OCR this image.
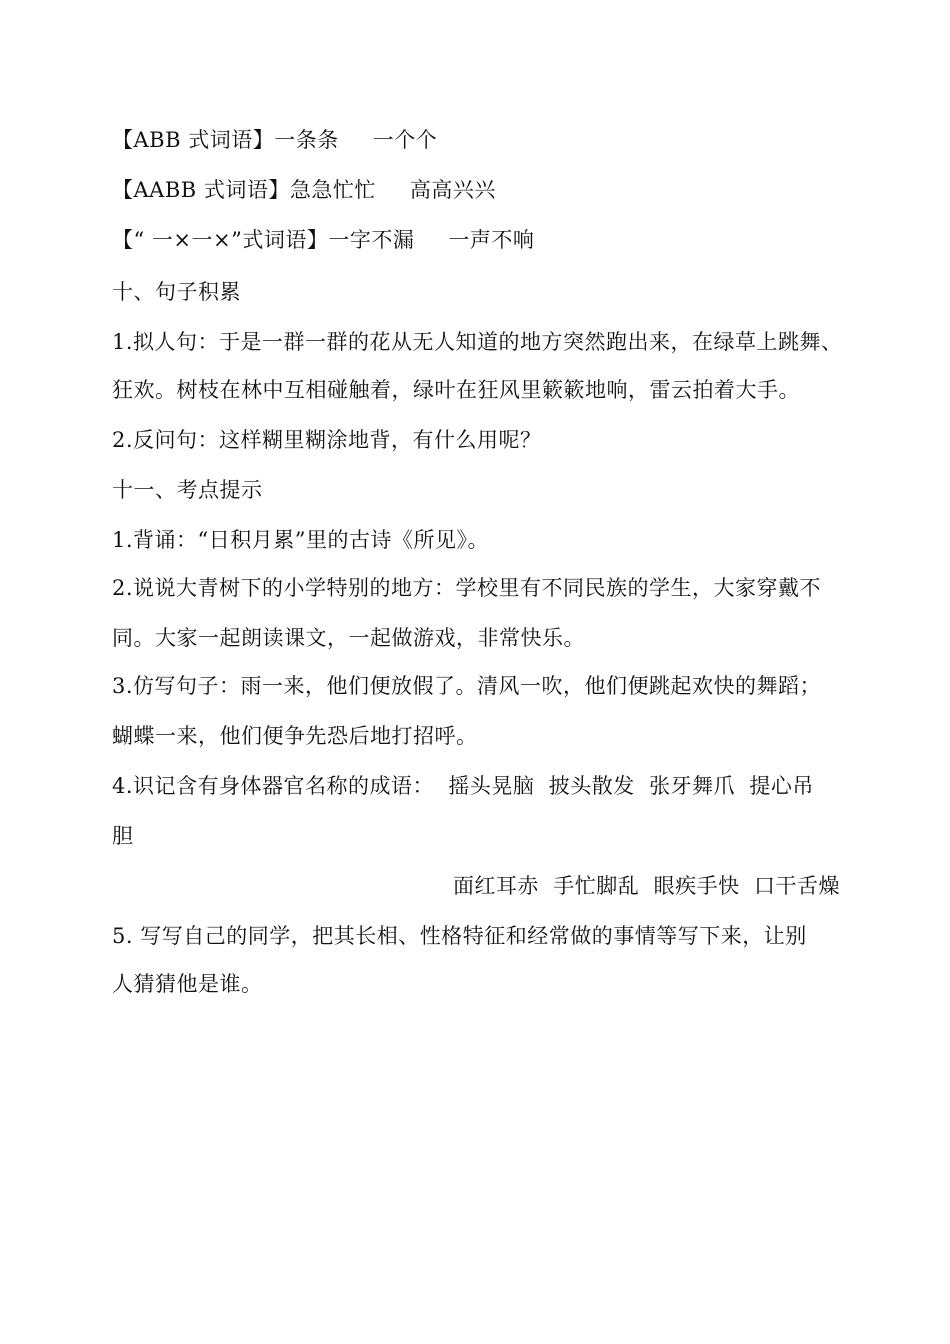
【ABB 式词语】一条条 一个个
【AABB 式词语】急急忙忙 高高兴兴
【“ 一×一×”式词语】一字不漏 一声不响
十、句子积累
1.拟人句：于是一群一群的花从无人知道的地方突然跑出来，在绿草上跳舞、
狂欢。树枝在林中互相碰触着，绿叶在狂风里簌簌地响，雷云拍着大手。
2.反问句：这样糊里糊涂地背，有什么用呢？
十一、考点提示
1.背诵：“日积月累”里的古诗《所见》。
2.说说大青树下的小学特别的地方：学校里有不同民族的学生，大家穿戴不
同。大家一起朗读课文，一起做游戏，非常快乐。
3.仿写句子：雨一来，他们便放假了。清风一吹，他们便跳起欢快的舞蹈；
蝴蝶一来，他们便争先恐后地打招呼。
4.识记含有身体器官名称的成语：  摇头晃脑  披头散发  张牙舞爪  提心吊
胆
面红耳赤  手忙脚乱  眼疾手快  口干舌燥
5. 写写自己的同学，把其长相、性格特征和经常做的事情等写下来，让别
人猜猜他是谁。
